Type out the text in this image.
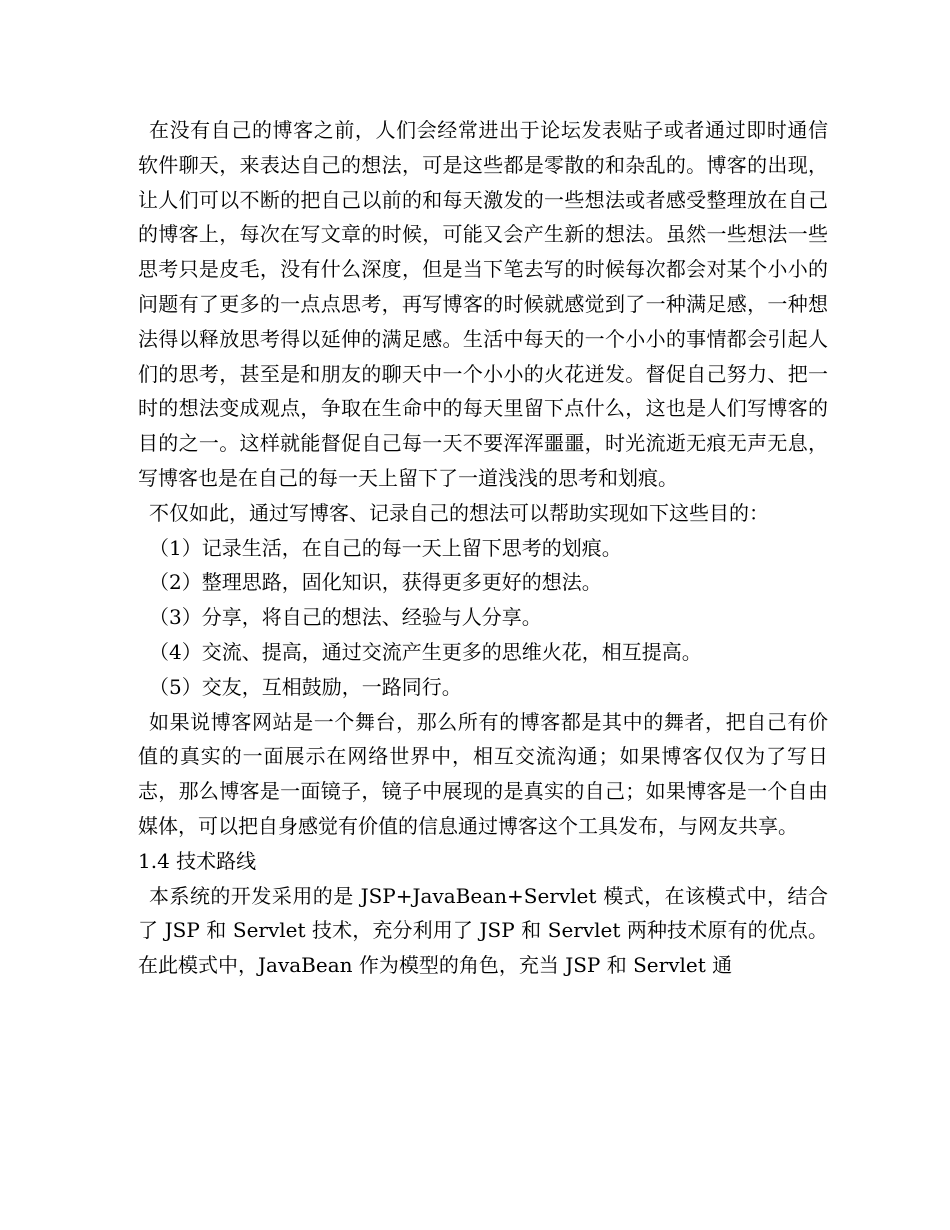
在没有自己的博客之前，人们会经常进出于论坛发表贴子或者通过即时通信软件聊天，来表达自己的想法，可是这些都是零散的和杂乱的。博客的出现，让人们可以不断的把自己以前的和每天激发的一些想法或者感受整理放在自己的博客上，每次在写文章的时候，可能又会产生新的想法。虽然一些想法一些思考只是皮毛，没有什么深度，但是当下笔去写的时候每次都会对某个小小的问题有了更多的一点点思考，再写博客的时候就感觉到了一种满足感，一种想法得以释放思考得以延伸的满足感。生活中每天的一个小小的事情都会引起人们的思考，甚至是和朋友的聊天中一个小小的火花迸发。督促自己努力、把一时的想法变成观点，争取在生命中的每天里留下点什么，这也是人们写博客的目的之一。这样就能督促自己每一天不要浑浑噩噩，时光流逝无痕无声无息，写博客也是在自己的每一天上留下了一道浅浅的思考和划痕。

不仅如此，通过写博客、记录自己的想法可以帮助实现如下这些目的：

（1）记录生活，在自己的每一天上留下思考的划痕。

（2）整理思路，固化知识，获得更多更好的想法。

（3）分享，将自己的想法、经验与人分享。

（4）交流、提高，通过交流产生更多的思维火花，相互提高。

（5）交友，互相鼓励，一路同行。

如果说博客网站是一个舞台，那么所有的博客都是其中的舞者，把自己有价值的真实的一面展示在网络世界中，相互交流沟通；如果博客仅仅为了写日志，那么博客是一面镜子，镜子中展现的是真实的自己；如果博客是一个自由媒体，可以把自身感觉有价值的信息通过博客这个工具发布，与网友共享。

1.4 技术路线

本系统的开发采用的是 JSP+JavaBean+Servlet 模式，在该模式中，结合了 JSP 和 Servlet 技术，充分利用了 JSP 和 Servlet 两种技术原有的优点。在此模式中，JavaBean 作为模型的角色，充当 JSP 和 Servlet 通
